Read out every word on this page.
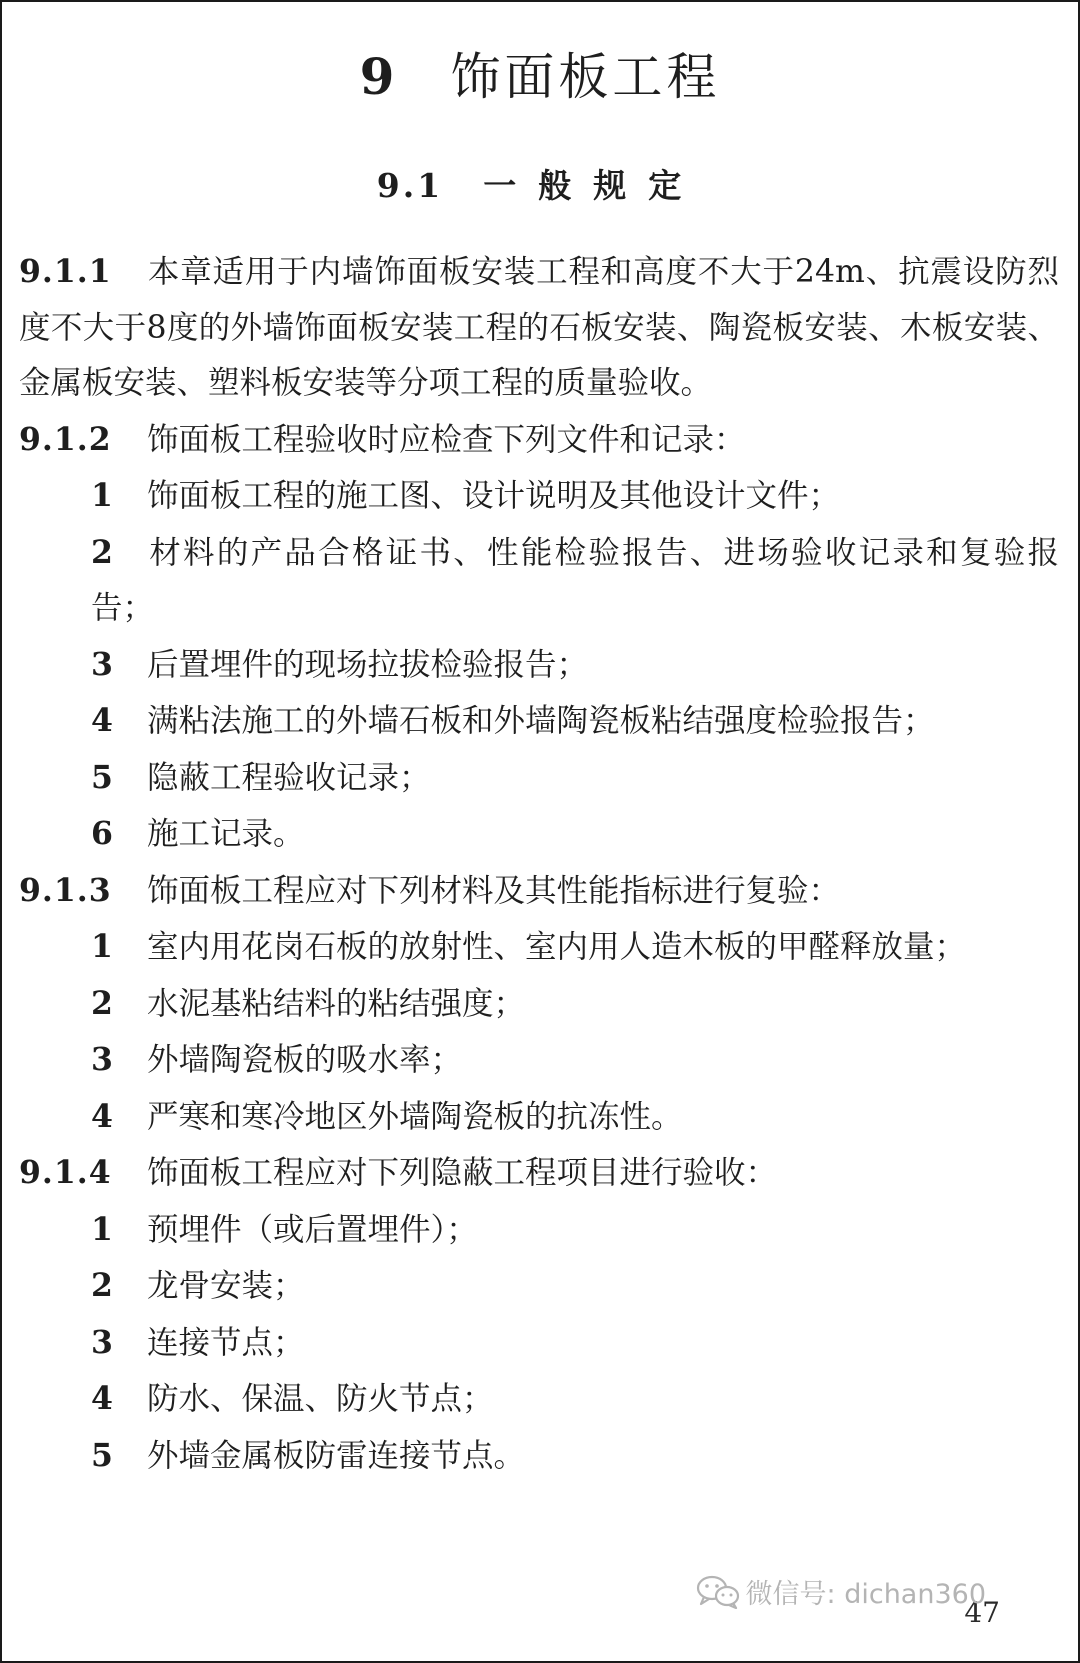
9 饰面板工程
9.1 一般规定

9.1.1 本章适用于内墙饰面板安装工程和高度不大于24m、抗震设防烈度不大于8度的外墙饰面板安装工程的石板安装、陶瓷板安装、木板安装、金属板安装、塑料板安装等分项工程的质量验收。

9.1.2 饰面板工程验收时应检查下列文件和记录：

1 饰面板工程的施工图、设计说明及其他设计文件；

2 材料的产品合格证书、性能检验报告、进场验收记录和复验报告；

3 后置埋件的现场拉拔检验报告；

4 满粘法施工的外墙石板和外墙陶瓷板粘结强度检验报告；

5 隐蔽工程验收记录；

6 施工记录。

9.1.3 饰面板工程应对下列材料及其性能指标进行复验：

1 室内用花岗石板的放射性、室内用人造木板的甲醛释放量；

2 水泥基粘结料的粘结强度；

3 外墙陶瓷板的吸水率；

4 严寒和寒冷地区外墙陶瓷板的抗冻性。

9.1.4 饰面板工程应对下列隐蔽工程项目进行验收：

1 预埋件（或后置埋件）；

2 龙骨安装；

3 连接节点；

4 防水、保温、防火节点；

5 外墙金属板防雷连接节点。

47
微信号: dichan360
